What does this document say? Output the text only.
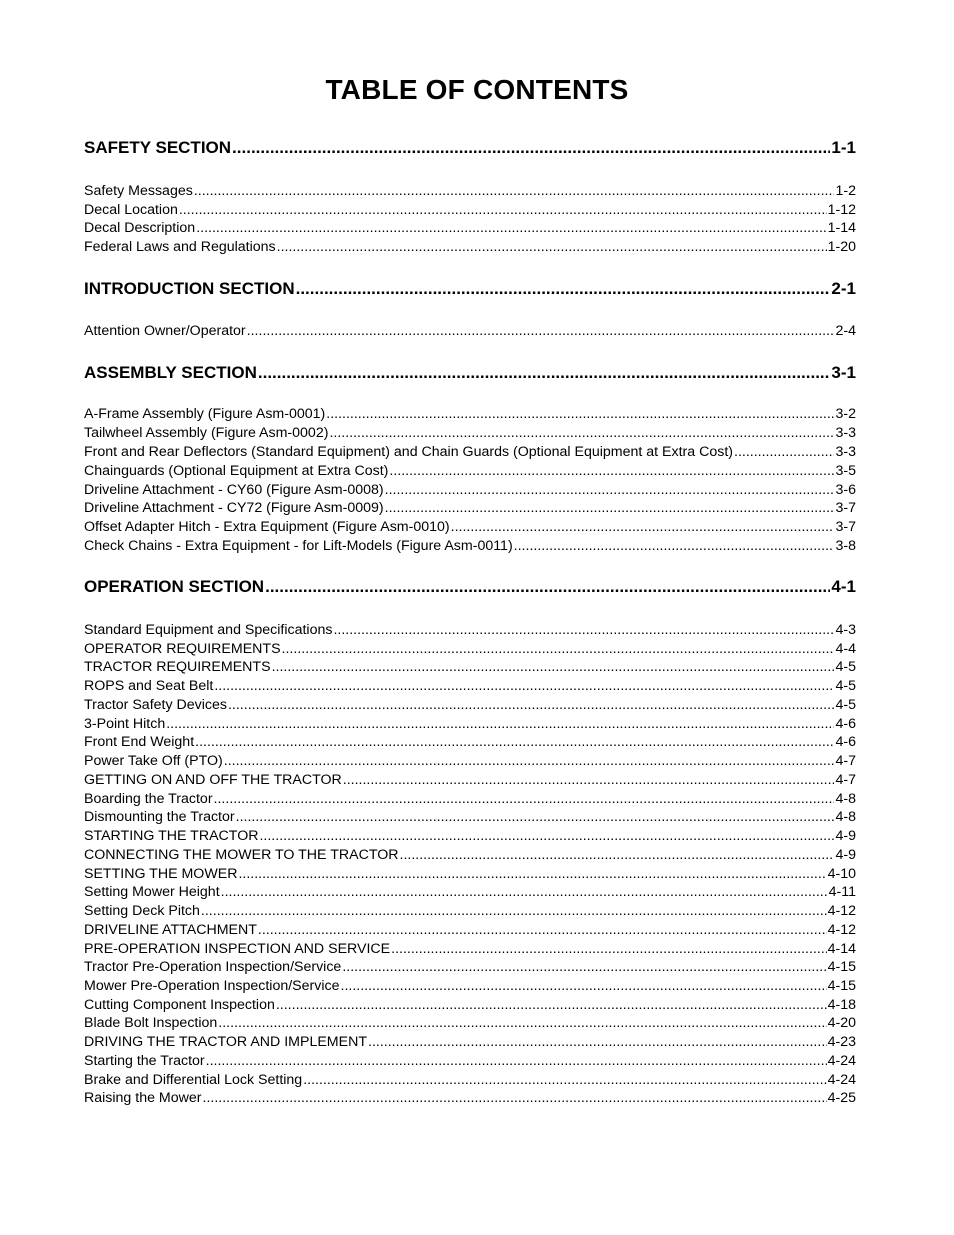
TABLE OF CONTENTS
SAFETY SECTION .....	1-1
Safety Messages .....	1-2
Decal Location .....	1-12
Decal Description .....	1-14
Federal Laws and Regulations .....	1-20
INTRODUCTION SECTION .....	2-1
Attention Owner/Operator .....	2-4
ASSEMBLY SECTION .....	3-1
A-Frame Assembly (Figure Asm-0001) .....	3-2
Tailwheel Assembly (Figure Asm-0002) .....	3-3
Front and Rear Deflectors (Standard Equipment) and Chain Guards (Optional Equipment at Extra Cost) .....	3-3
Chainguards (Optional Equipment at Extra Cost) .....	3-5
Driveline Attachment - CY60 (Figure Asm-0008) .....	3-6
Driveline Attachment - CY72 (Figure Asm-0009) .....	3-7
Offset Adapter Hitch - Extra Equipment (Figure Asm-0010) .....	3-7
Check Chains - Extra Equipment - for Lift-Models (Figure Asm-0011) .....	3-8
OPERATION SECTION .....	4-1
Standard Equipment and Specifications .....	4-3
OPERATOR REQUIREMENTS .....	4-4
TRACTOR REQUIREMENTS .....	4-5
ROPS and Seat Belt .....	4-5
Tractor Safety Devices .....	4-5
3-Point Hitch .....	4-6
Front End Weight .....	4-6
Power Take Off (PTO) .....	4-7
GETTING ON AND OFF THE TRACTOR .....	4-7
Boarding the Tractor .....	4-8
Dismounting the Tractor .....	4-8
STARTING THE TRACTOR .....	4-9
CONNECTING THE MOWER TO THE TRACTOR .....	4-9
SETTING THE MOWER .....	4-10
Setting Mower Height .....	4-11
Setting Deck Pitch .....	4-12
DRIVELINE ATTACHMENT .....	4-12
PRE-OPERATION INSPECTION AND SERVICE .....	4-14
Tractor Pre-Operation Inspection/Service .....	4-15
Mower Pre-Operation Inspection/Service .....	4-15
Cutting Component Inspection .....	4-18
Blade Bolt Inspection .....	4-20
DRIVING THE TRACTOR AND IMPLEMENT .....	4-23
Starting the Tractor .....	4-24
Brake and Differential Lock Setting .....	4-24
Raising the Mower .....	4-25
